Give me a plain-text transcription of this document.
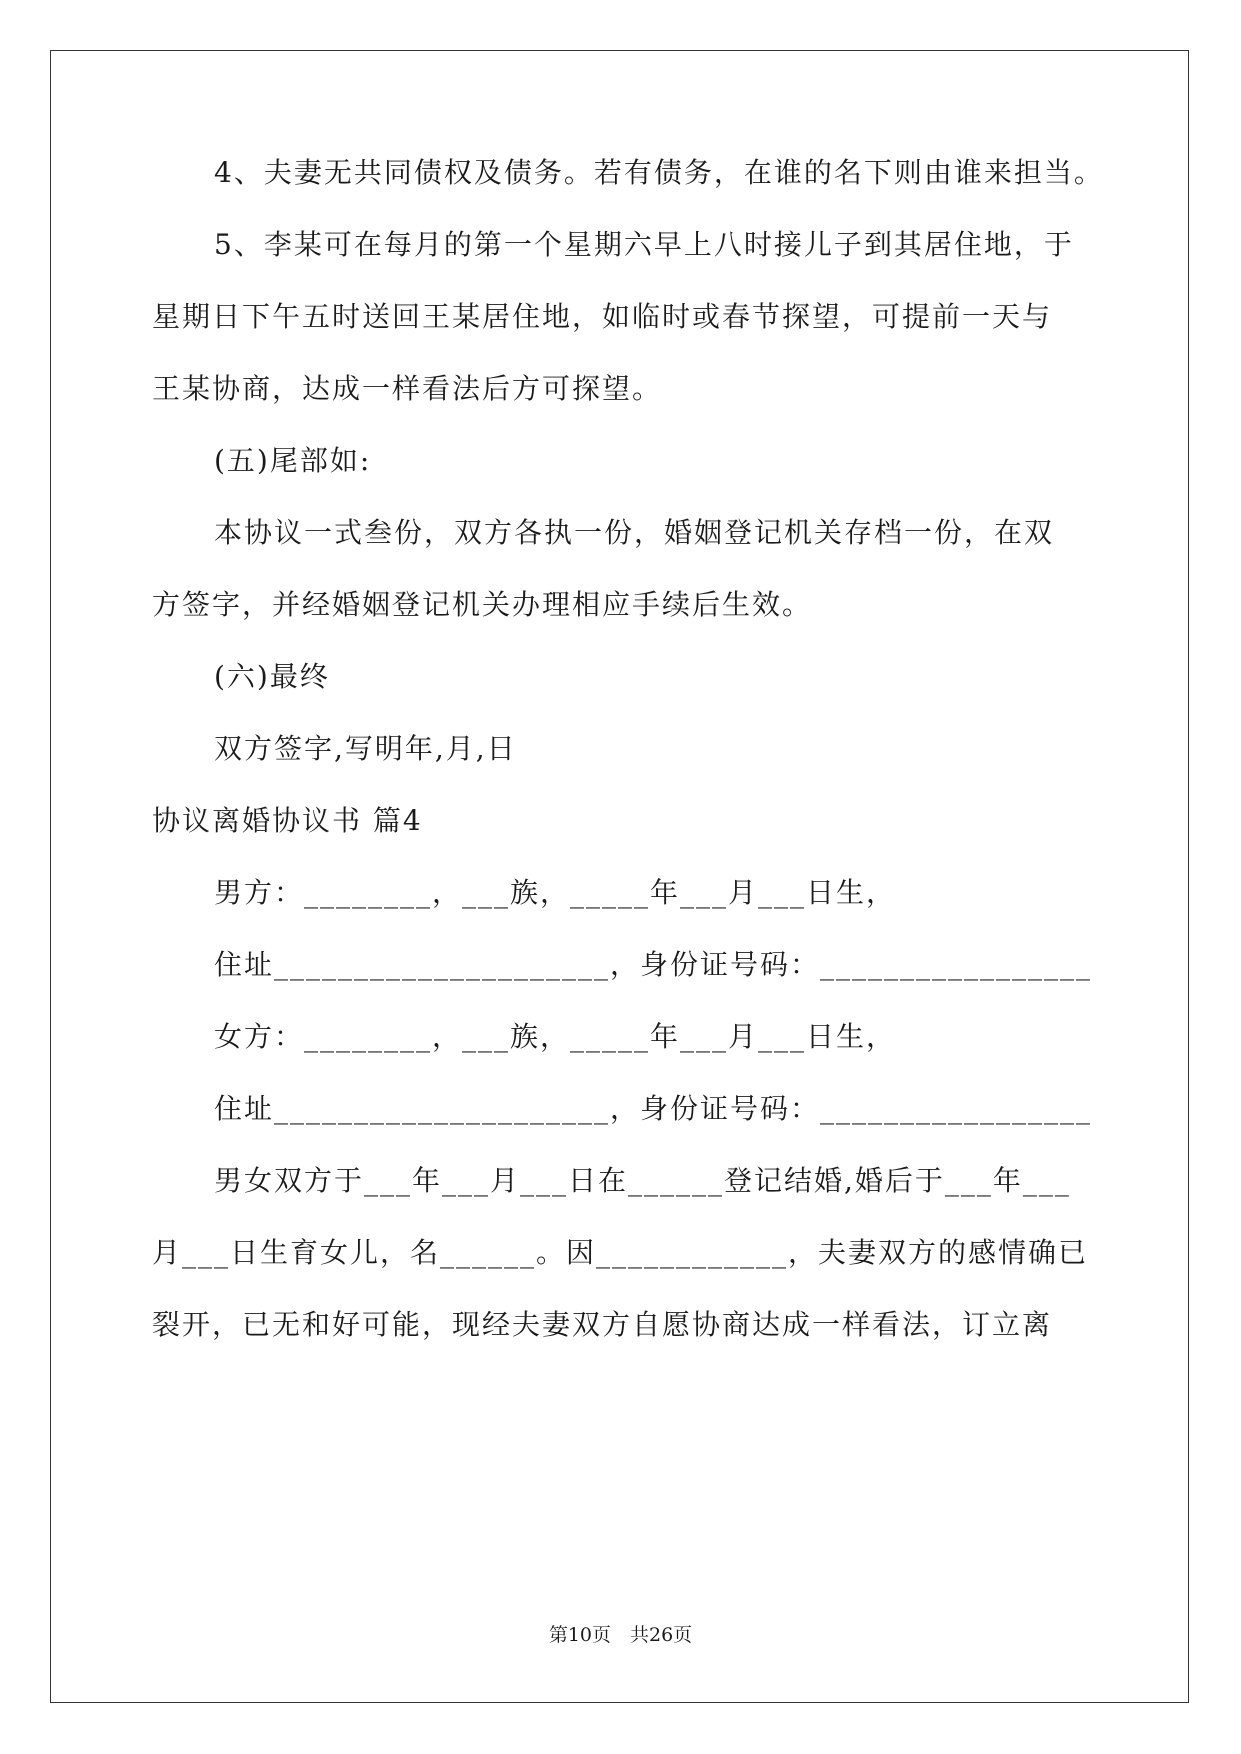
4、夫妻无共同债权及债务。若有债务，在谁的名下则由谁来担当。
5、李某可在每月的第一个星期六早上八时接儿子到其居住地，于
星期日下午五时送回王某居住地，如临时或春节探望，可提前一天与
王某协商，达成一样看法后方可探望。
(五)尾部如:
本协议一式叁份，双方各执一份，婚姻登记机关存档一份，在双
方签字，并经婚姻登记机关办理相应手续后生效。
(六)最终
双方签字,写明年,月,日
协议离婚协议书 篇4
男方：________，___族，_____年___月___日生，
住址_____________________，身份证号码：_________________
女方：________，___族，_____年___月___日生，
住址_____________________，身份证号码：_________________
男女双方于___年___月___日在______登记结婚,婚后于___年___
月___日生育女儿，名______。因____________，夫妻双方的感情确已
裂开，已无和好可能，现经夫妻双方自愿协商达成一样看法，订立离
第10页　共26页
